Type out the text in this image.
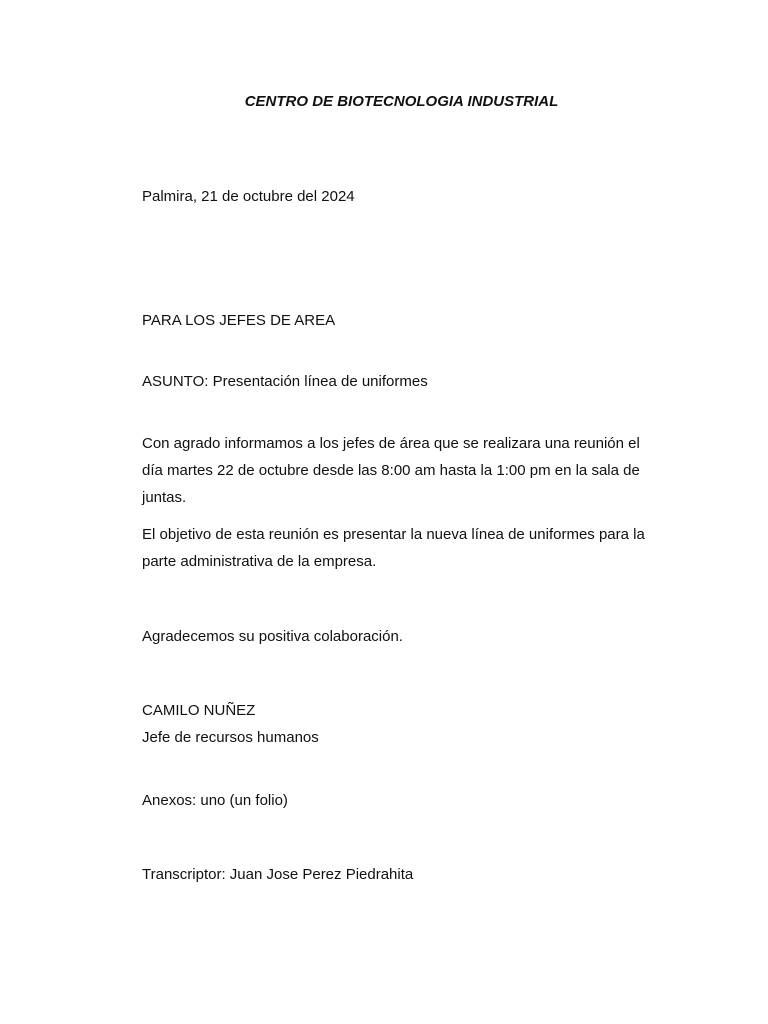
CENTRO DE BIOTECNOLOGIA INDUSTRIAL

Palmira, 21 de octubre del 2024

PARA LOS JEFES DE AREA

ASUNTO: Presentación línea de uniformes

Con agrado informamos a los jefes de área que se realizara una reunión el
día martes 22 de octubre desde las 8:00 am hasta la 1:00 pm en la sala de
juntas.
El objetivo de esta reunión es presentar la nueva línea de uniformes para la
parte administrativa de la empresa.

Agradecemos su positiva colaboración.

CAMILO NUÑEZ

Jefe de recursos humanos

Anexos: uno (un folio)

Transcriptor: Juan Jose Perez Piedrahita
